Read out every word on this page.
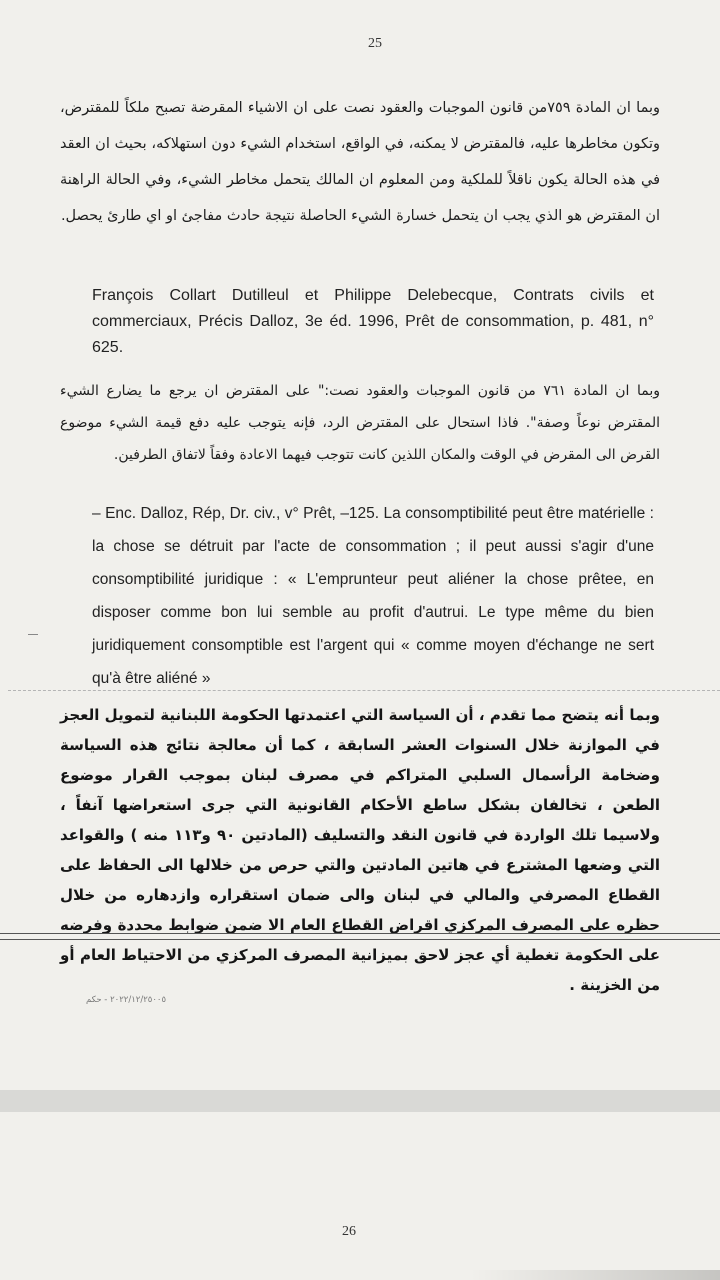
25

وبما ان المادة ٧٥٩من قانون الموجبات والعقود نصت على ان الاشياء المقرضة تصبح ملكاً للمقترض، وتكون مخاطرها عليه، فالمقترض لا يمكنه، في الواقع، استخدام الشيء دون استهلاكه، بحيث ان العقد في هذه الحالة يكون ناقلاً للملكية ومن المعلوم ان المالك يتحمل مخاطر الشيء، وفي الحالة الراهنة ان المقترض هو الذي يجب ان يتحمل خسارة الشيء الحاصلة نتيجة حادث مفاجئ او اي طارئ يحصل.

François Collart Dutilleul et Philippe Delebecque, Contrats civils et commerciaux, Précis Dalloz, 3e éd. 1996, Prêt de consommation, p. 481, n° 625.

وبما ان المادة ٧٦١ من قانون الموجبات والعقود نصت:" على المقترض ان يرجع ما يضارع الشيء المقترض نوعاً وصفة". فاذا استحال على المقترض الرد، فإنه يتوجب عليه دفع قيمة الشيء موضوع القرض الى المقرض في الوقت والمكان اللذين كانت تتوجب فيهما الاعادة وفقاً لاتفاق الطرفين.

– Enc. Dalloz, Rép, Dr. civ., v° Prêt, –125. La consomptibilité peut être matérielle : la chose se détruit par l'acte de consommation ; il peut aussi s'agir d'une consomptibilité juridique : « L'emprunteur peut aliéner la chose prêtee, en disposer comme bon lui semble au profit d'autrui. Le type même du bien juridiquement consomptible est l'argent qui « comme moyen d'échange ne sert qu'à être aliéné »

وبما أنه يتضح مما تقدم ، أن السياسة التي اعتمدتها الحكومة اللبنانية لتمويل العجز في الموازنة خلال السنوات العشر السابقة ، كما أن معالجة نتائج هذه السياسة وضخامة الرأسمال السلبي المتراكم في مصرف لبنان بموجب القرار موضوع الطعن ، تخالفان بشكل ساطع الأحكام القانونية التي جرى استعراضها آنفاً ، ولاسيما تلك الواردة في قانون النقد والتسليف (المادتين ٩٠ و١١٣ منه ) والقواعد التي وضعها المشترع في هاتين المادتين والتي حرص من خلالها الى الحفاظ على القطاع المصرفي والمالي في لبنان والى ضمان استقراره وازدهاره من خلال حظره على المصرف المركزي اقراض القطاع العام الا ضمن ضوابط محددة وفرضه على الحكومة تغطية أي عجز لاحق بميزانية المصرف المركزي من الاحتياط العام أو من الخزينة .

٢٠٢٢/١٢/٢٥٠٠٥ - حكم
26
